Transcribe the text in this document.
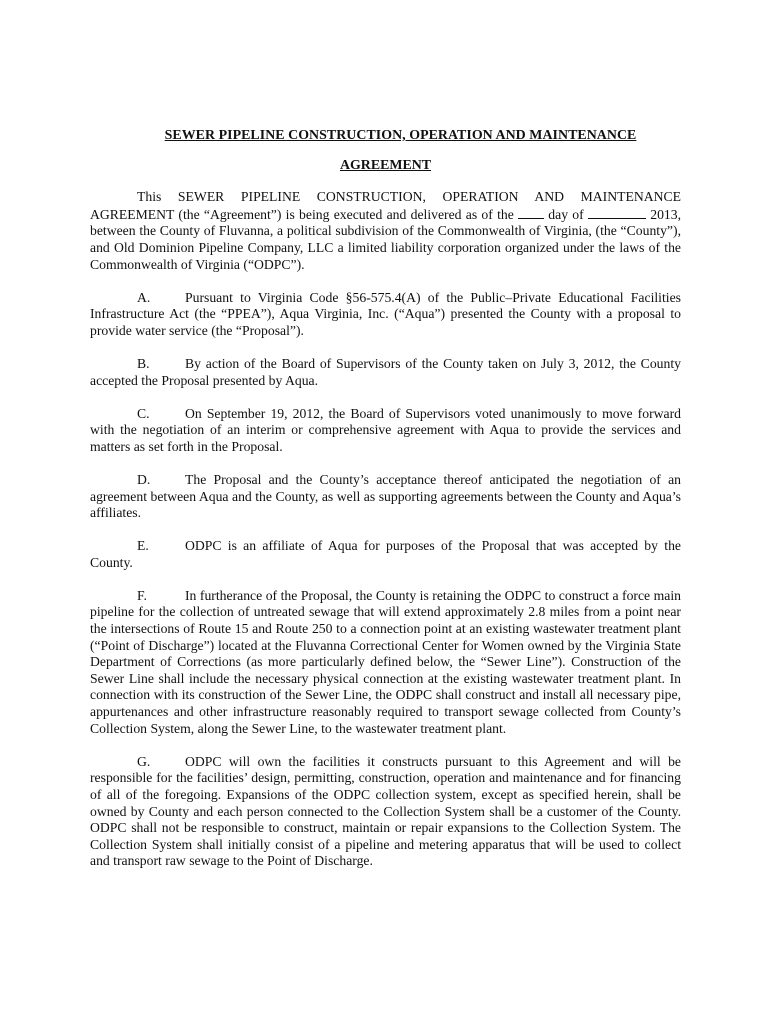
SEWER PIPELINE CONSTRUCTION, OPERATION AND MAINTENANCE
AGREEMENT

This SEWER PIPELINE CONSTRUCTION, OPERATION AND MAINTENANCE AGREEMENT (the “Agreement”) is being executed and delivered as of the	day of	2013, between the County of Fluvanna, a political subdivision of the Commonwealth of Virginia, (the “County”), and Old Dominion Pipeline Company, LLC a limited liability corporation organized under the laws of the Commonwealth of Virginia (“ODPC”).

A.	Pursuant to Virginia Code §56-575.4(A) of the Public–Private Educational Facilities Infrastructure Act (the “PPEA”), Aqua Virginia, Inc. (“Aqua”) presented the County with a proposal to provide water service (the “Proposal”).

B.	By action of the Board of Supervisors of the County taken on July 3, 2012, the County accepted the Proposal presented by Aqua.

C.	On September 19, 2012, the Board of Supervisors voted unanimously to move forward with the negotiation of an interim or comprehensive agreement with Aqua to provide the services and matters as set forth in the Proposal.

D.	The Proposal and the County’s acceptance thereof anticipated the negotiation of an agreement between Aqua and the County, as well as supporting agreements between the County and Aqua’s affiliates.

E.	ODPC is an affiliate of Aqua for purposes of the Proposal that was accepted by the County.

F.	In furtherance of the Proposal, the County is retaining the ODPC to construct a force main pipeline for the collection of untreated sewage that will extend approximately 2.8 miles from a point near the intersections of Route 15 and Route 250 to a connection point at an existing wastewater treatment plant (“Point of Discharge”) located at the Fluvanna Correctional Center for Women owned by the Virginia State Department of Corrections (as more particularly defined below, the “Sewer Line”). Construction of the Sewer Line shall include the necessary physical connection at the existing wastewater treatment plant. In connection with its construction of the Sewer Line, the ODPC shall construct and install all necessary pipe, appurtenances and other infrastructure reasonably required to transport sewage collected from County’s Collection System, along the Sewer Line, to the wastewater treatment plant.

G.	ODPC will own the facilities it constructs pursuant to this Agreement and will be responsible for the facilities’ design, permitting, construction, operation and maintenance and for financing of all of the foregoing. Expansions of the ODPC collection system, except as specified herein, shall be owned by County and each person connected to the Collection System shall be a customer of the County. ODPC shall not be responsible to construct, maintain or repair expansions to the Collection System. The Collection System shall initially consist of a pipeline and metering apparatus that will be used to collect and transport raw sewage to the Point of Discharge.
